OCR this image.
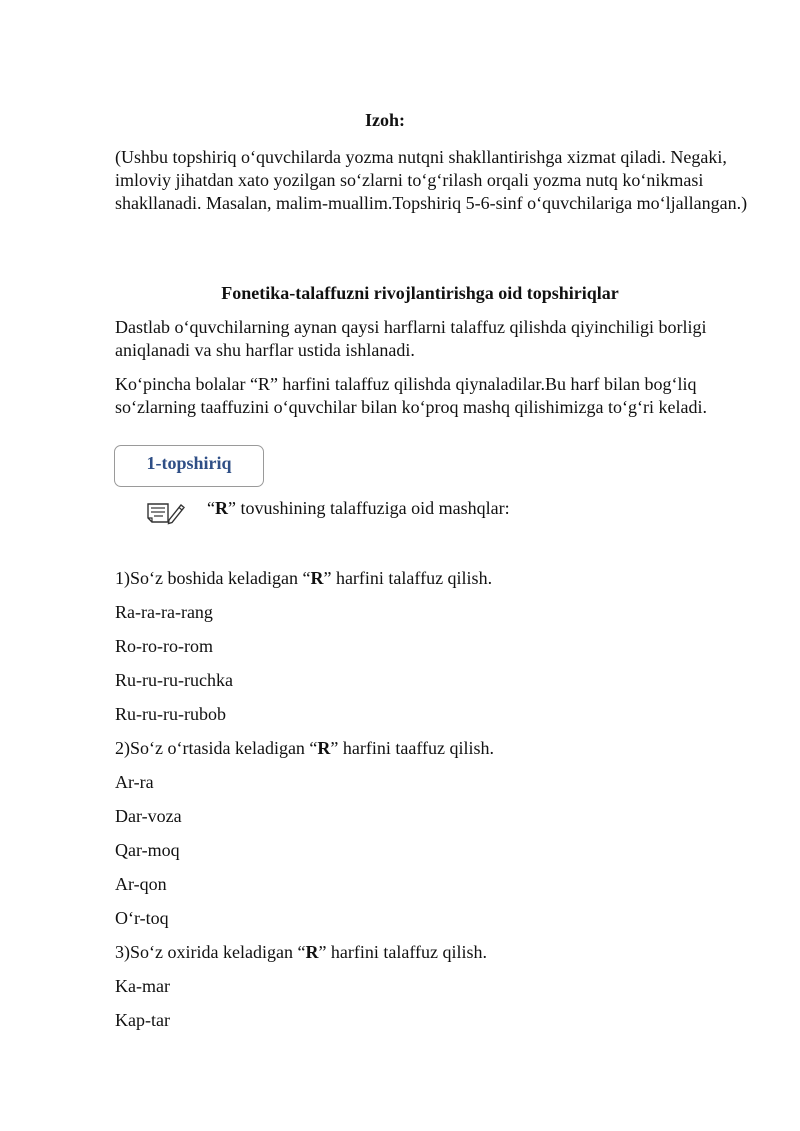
Izoh:
(Ushbu topshiriq o‘quvchilarda yozma nutqni shakllantirishga xizmat qiladi. Negaki, imloviy jihatdan xato yozilgan so‘zlarni to‘g‘rilash orqali yozma nutq ko‘nikmasi shakllanadi. Masalan, malim-muallim.Topshiriq 5-6-sinf o‘quvchilariga mo‘ljallangan.)
Fonetika-talaffuzni rivojlantirishga oid topshiriqlar
Dastlab o‘quvchilarning aynan qaysi harflarni talaffuz qilishda qiyinchiligi borligi aniqlanadi va shu harflar ustida ishlanadi.
Ko‘pincha bolalar “R” harfini talaffuz qilishda qiynaladilar.Bu harf bilan bog‘liq so‘zlarning taaffuzini o‘quvchilar bilan ko‘proq mashq qilishimizga to‘g‘ri keladi.
1-topshiriq
“R” tovushining talaffuziga oid mashqlar:
1)So‘z boshida keladigan “R” harfini talaffuz qilish.
Ra-ra-ra-rang
Ro-ro-ro-rom
Ru-ru-ru-ruchka
Ru-ru-ru-rubob
2)So‘z o‘rtasida keladigan “R” harfini taaffuz qilish.
Ar-ra
Dar-voza
Qar-moq
Ar-qon
O‘r-toq
3)So‘z oxirida keladigan “R” harfini talaffuz qilish.
Ka-mar
Kap-tar
